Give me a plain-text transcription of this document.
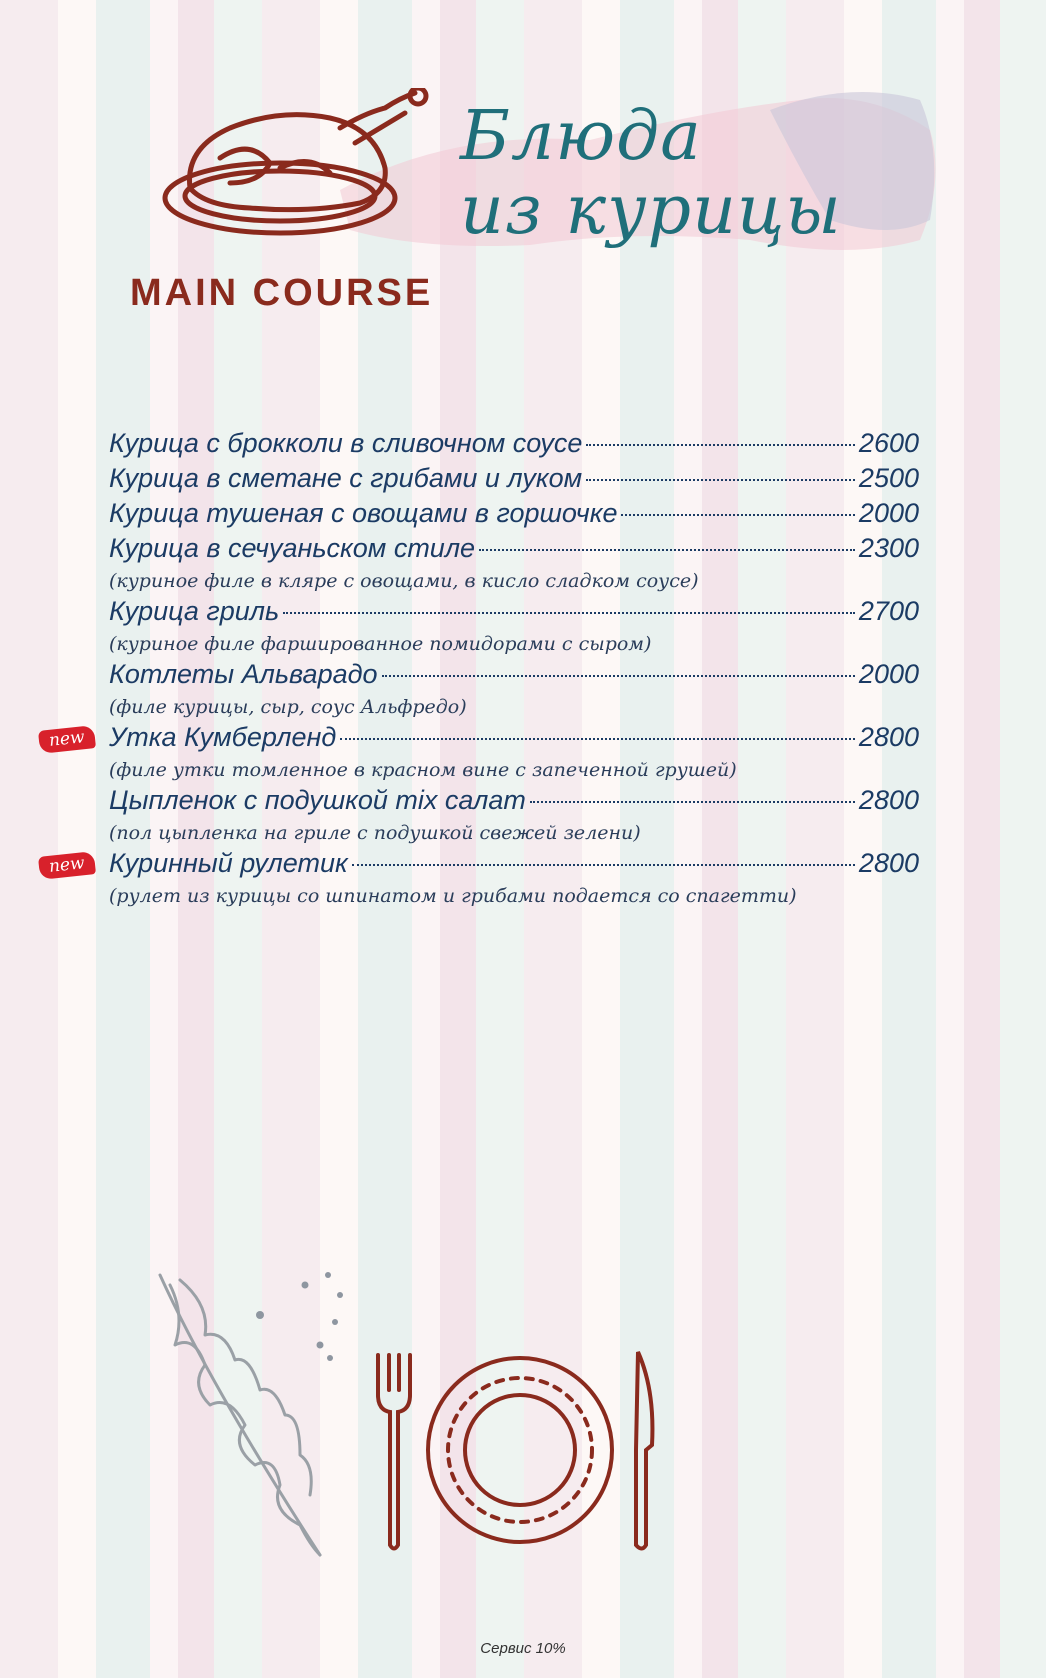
Блюда
из курицы
MAIN COURSE
Курица с брокколи в сливочном соусе	2600
Курица в сметане с грибами и луком	2500
Курица тушеная с овощами в горшочке	2000
Курица в сечуаньском стиле	2300
(куриное филе в кляре с овощами, в кисло сладком соусе)
Курица гриль	2700
(куриное филе фаршированное помидорами с сыром)
Котлеты Альварадо	2000
(филе курицы, сыр, соус Альфредо)
new Утка Кумберленд	2800
(филе утки томленное в красном вине с запеченной грушей)
Цыпленок с подушкой тіх салат	2800
(пол цыпленка на гриле с подушкой свежей зелени)
new Куринный рулетик	2800
(рулет из курицы со шпинатом и грибами подается со спагетти)
Сервис 10%
